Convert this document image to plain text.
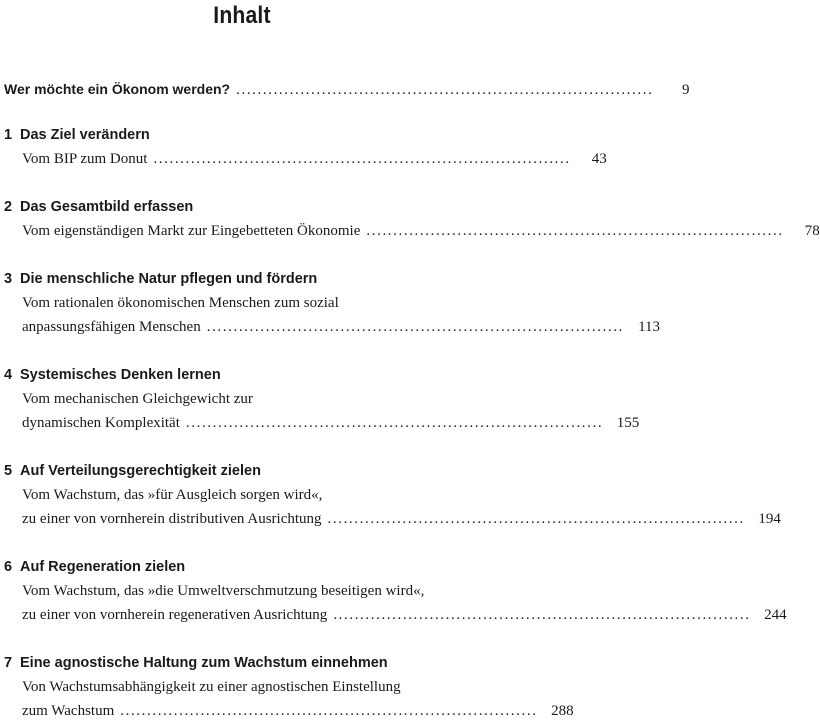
Inhalt
Wer möchte ein Ökonom werden? ..............................................................................	9
1 Das Ziel verändern
Vom BIP zum Donut ..............................................................................	43
2 Das Gesamtbild erfassen
Vom eigenständigen Markt zur Eingebetteten Ökonomie ..............................................................................	78
3 Die menschliche Natur pflegen und fördern
Vom rationalen ökonomischen Menschen zum sozial
anpassungsfähigen Menschen .............................................................................. 113
4 Systemisches Denken lernen
Vom mechanischen Gleichgewicht zur
dynamischen Komplexität .............................................................................. 155
5 Auf Verteilungsgerechtigkeit zielen
Vom Wachstum, das »für Ausgleich sorgen wird«,
zu einer von vornherein distributiven Ausrichtung .............................................................................. 194
6 Auf Regeneration zielen
Vom Wachstum, das »die Umweltverschmutzung beseitigen wird«,
zu einer von vornherein regenerativen Ausrichtung .............................................................................. 244
7 Eine agnostische Haltung zum Wachstum einnehmen
Von Wachstumsabhängigkeit zu einer agnostischen Einstellung
zum Wachstum .............................................................................. 288
